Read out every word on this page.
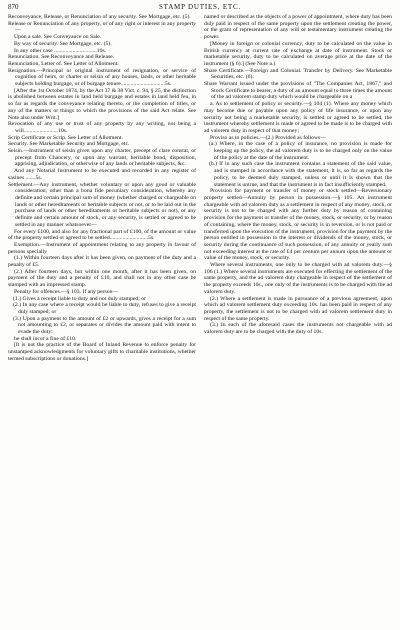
870	STAMP DUTIES, ETC.

Reconveyance, Release, or Renunciation of any security. See Mortgage, etc. (5).

Release or Renunciation of any property, or of any right or interest in any property—

Upon a sale. See Conveyance on Sale.

By way of security. See Mortgage, etc. (5).

In any other case ..............................10s.

Renunciation. See Reconveyance and Release.

Renunciation, Letter of. See Letter of Allotment.

Resignation.—Principal or original instrument of resignation, or service of cognition of heirs, or charter or seisin of any houses, lands, or other heritable subjects holding burgage, or of burgage tenure...............................5s.

[After the 1st October 1874, by the Act 37 & 38 Vict. c. 94, § 25, the distinction is abolished between estates in land held burgage and estates in land held feu, in so far as regards the conveyance relating thereto, or the completion of titles, or any of the matters or things to which the provisions of the said Act relate. See Note also under Writ.]

Revocation of any use or trust of any property by any writing, not being a will........................10s.

Scrip Certificate or Scrip. See Letter of Allotment.

Security. See Marketable Security and Mortgage, etc.

Seisin.—Instrument of seisin given upon any charter, precept of clare constat, or precept from Chancery, or upon any warrant, heritable bond, disposition, apprising, adjudication, or otherwise of any lands or heritable subjects, &c.

And any Notarial Instrument to be executed and recorded in any register of sasines .......5s.

Settlement.—Any instrument, whether voluntary or upon any good or valuable consideration, other than a bona fide pecuniary consideration, whereby any definite and certain principal sum of money (whether charged or chargeable on lands or other hereditaments or heritable subjects or not, or to be laid out in the purchase of lands or other hereditaments or heritable subjects or not), or any definite and certain amount of stock, or any security, is settled or agreed to be settled in any manner whatsoever—

For every £100, and also for any fractional part of £100, of the amount or value of the property settled or agreed to be settled...........................5s.

Exemption.—Instrument of appointment relating to any property in favour of persons specially

(1.) Within fourteen days after it has been given, on payment of the duty and a penalty of £5.

(2.) After fourteen days, but within one month, after it has been given, on payment of the duty and a penalty of £10, and shall not in any other case be stamped with an impressed stamp.

Penalty for offences.—§ 103. If any person—

(1.) Gives a receipt liable to duty and not duly stamped; or

(2.) In any case where a receipt would be liable to duty, refuses to give a receipt duly stamped; or

(3.) Upon a payment to the amount of £2 or upwards, gives a receipt for a sum not amounting to £2, or separates or divides the amount paid with intent to evade the duty:

he shall incur a fine of £10.

[It is not the practice of the Board of Inland Revenue to enforce penalty for unstamped acknowledgments for voluntary gifts to charitable institutions, whether termed subscriptions or donations.]

named or described as the objects of a power of appointment, where duty has been duly paid in respect of the same property upon the settlement creating the power, or the grant of representation of any will or testamentary instrument creating the power.

[Money in foreign or colonial currency, duty to be calculated on the value in British currency at current rate of exchange at date of instrument. Stock or marketable security, duty to be calculated on average price at the date of the instrument (§ 6).] (See Note a.)

Share Certificate.—Foreign and Colonial. Transfer by Delivery. See Marketable Securities, etc. (6).

Share Warrant issued under the provisions of "The Companies Act, 1867," and Stock Certificate to bearer, a duty of an amount equal to three times the amount of the ad valorem stamp duty which would be chargeable on a

a. As to settlement of policy or security.—§ 104 (1). Where any money which may become due or payable upon any policy of life insurance, or upon any security not being a marketable security, is settled or agreed to be settled, the instrument whereby settlement is made or agreed to be made is to be charged with ad valorem duty in respect of that money;

Proviso as to policies.—(2.) Provided as follows—

(a.) Where, in the case of a policy of insurance, no provision is made for keeping up the policy, the ad valorem duty is to be charged only on the value of the policy at the date of the instrument.

(b.) If in any such case the instrument contains a statement of the said value, and is stamped in accordance with the statement, it is, so far as regards the policy, to be deemed duly stamped, unless or until it is shown that the statement is untrue, and that the instrument is in fact insufficiently stamped.

Provision for payment or transfer of money or stock settled—Reversionary property settled—Annuity by person in possession.—§ 105. An instrument chargeable with ad valorem duty as a settlement in respect of any money, stock, or security is not to be charged with any further duty by reason of containing provision for the payment or transfer of the money, stock, or security, or by reason of containing, where the money, stock, or security is in reversion, or is not paid or transferred upon the execution of the instrument, provision for the payment by the person entitled in possession to the interest or dividends of the money, stock, or security during the continuance of such possession, of any annuity or yearly sum not exceeding interest at the rate of £4 per centum per annum upon the amount or value of the money, stock, or security.

Where several instruments, one only to be charged with ad valorem duty.—§ 106 (1.) Where several instruments are executed for effecting the settlement of the same property, and the ad valorem duty chargeable in respect of the settlement of the property exceeds 10s., one only of the instruments is to be charged with the ad valorem duty.

(2.) Where a settlement is made in pursuance of a previous agreement, upon which ad valorem settlement duty exceeding 10s. has been paid in respect of any property, the settlement is not to be charged with ad valorem settlement duty in respect of the same property.

(3.) In each of the aforesaid cases the instruments not chargeable with ad valorem duty are to be charged with the duty of 10s.
